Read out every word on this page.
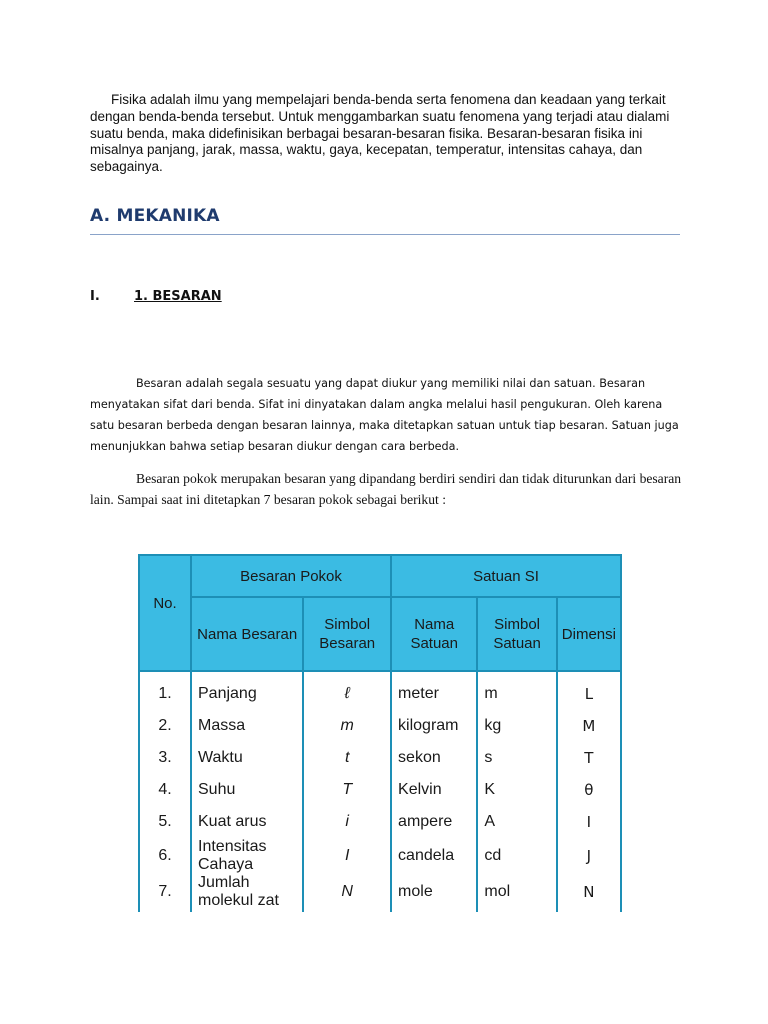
Fisika adalah ilmu yang mempelajari benda-benda serta fenomena dan keadaan yang terkait dengan benda-benda tersebut. Untuk menggambarkan suatu fenomena yang terjadi atau dialami suatu benda, maka didefinisikan berbagai besaran-besaran fisika. Besaran-besaran fisika ini misalnya panjang, jarak, massa, waktu, gaya, kecepatan, temperatur, intensitas cahaya, dan sebagainya.

A. MEKANIKA
I.	1. BESARAN

Besaran adalah segala sesuatu yang dapat diukur yang memiliki nilai dan satuan. Besaran menyatakan sifat dari benda. Sifat ini dinyatakan dalam angka melalui hasil pengukuran. Oleh karena satu besaran berbeda dengan besaran lainnya, maka ditetapkan satuan untuk tiap besaran. Satuan juga menunjukkan bahwa setiap besaran diukur dengan cara berbeda.

Besaran pokok merupakan besaran yang dipandang berdiri sendiri dan tidak diturunkan dari besaran lain. Sampai saat ini ditetapkan 7 besaran pokok sebagai berikut :

No.	Besaran Pokok		Satuan SI		
	Nama Besaran	Simbol Besaran	Nama Satuan	Simbol Satuan	Dimensi
1.	Panjang	ℓ	meter	m	L
2.	Massa	m	kilogram	kg	M
3.	Waktu	t	sekon	s	T
4.	Suhu	T	Kelvin	K	θ
5.	Kuat arus	i	ampere	A	I
6.	Intensitas Cahaya	I	candela	cd	J
7.	Jumlah molekul zat	N	mole	mol	N
